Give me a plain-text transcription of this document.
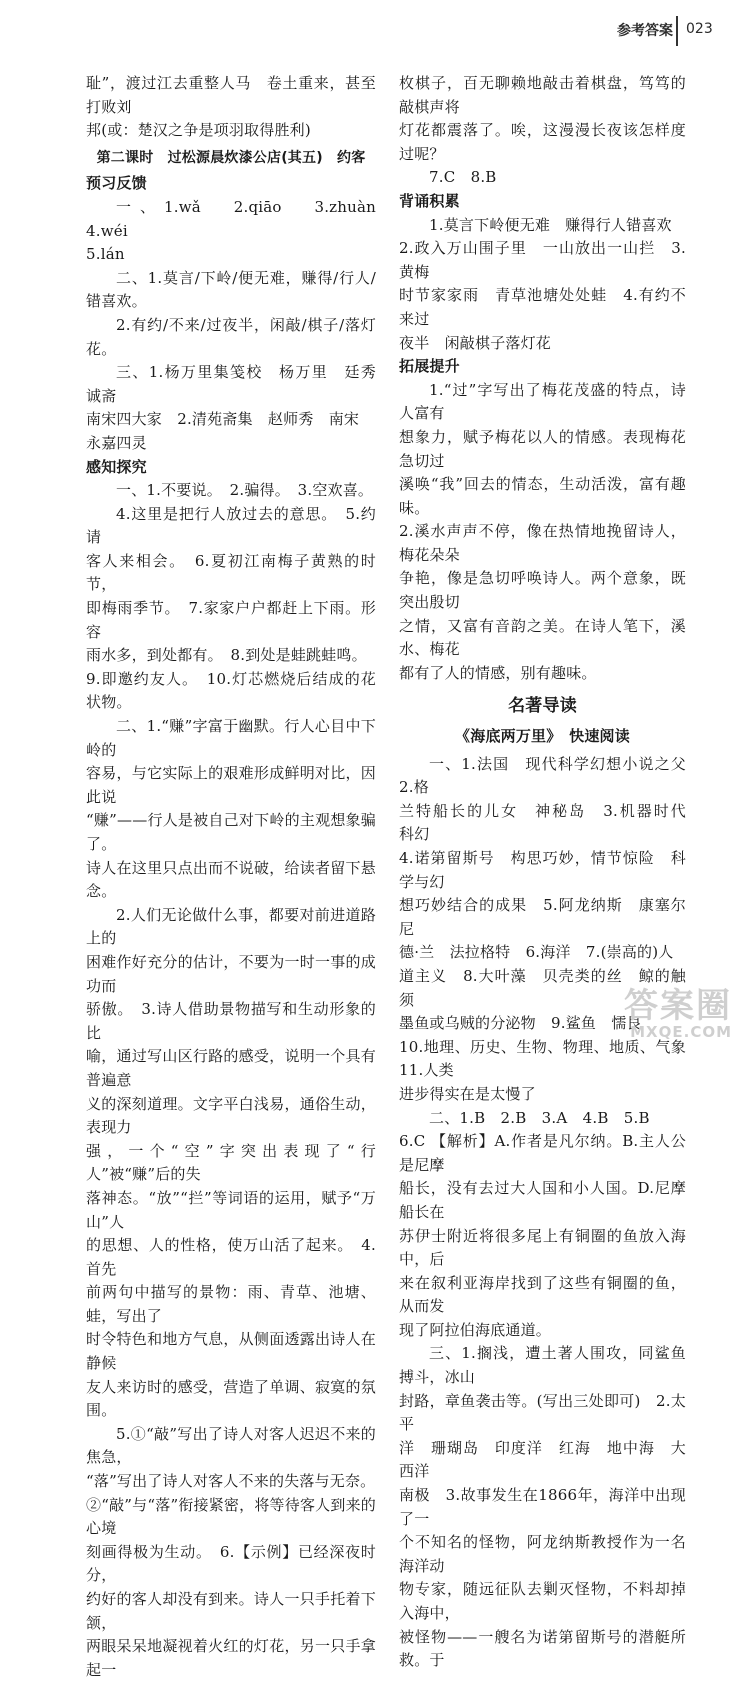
参考答案 023

耻”，渡过江去重整人马　卷土重来，甚至打败刘

邦(或：楚汉之争是项羽取得胜利)

第二课时　过松源晨炊漆公店(其五)　约客

预习反馈

一、1.wǎ　2.qiāo　3.zhuàn　4.wéi

5.lán

二、1.莫言/下岭/便无难，赚得/行人/错喜欢。

2.有约/不来/过夜半，闲敲/棋子/落灯花。

三、1.杨万里集笺校　杨万里　廷秀　诚斋

南宋四大家　2.清苑斋集　赵师秀　南宋

永嘉四灵

感知探究

一、1.不要说。　2.骗得。　3.空欢喜。

4.这里是把行人放过去的意思。　5.约请

客人来相会。　6.夏初江南梅子黄熟的时节，

即梅雨季节。　7.家家户户都赶上下雨。形容

雨水多，到处都有。　8.到处是蛙跳蛙鸣。

9.即邀约友人。　10.灯芯燃烧后结成的花状物。

二、1.“赚”字富于幽默。行人心目中下岭的

容易，与它实际上的艰难形成鲜明对比，因此说

“赚”——行人是被自己对下岭的主观想象骗了。

诗人在这里只点出而不说破，给读者留下悬念。

2.人们无论做什么事，都要对前进道路上的

困难作好充分的估计，不要为一时一事的成功而

骄傲。　3.诗人借助景物描写和生动形象的比

喻，通过写山区行路的感受，说明一个具有普遍意

义的深刻道理。文字平白浅易，通俗生动，表现力

强，一个“空”字突出表现了“行人”被“赚”后的失

落神态。“放”“拦”等词语的运用，赋予“万山”人

的思想、人的性格，使万山活了起来。　4.首先

前两句中描写的景物：雨、青草、池塘、蛙，写出了

时令特色和地方气息，从侧面透露出诗人在静候

友人来访时的感受，营造了单调、寂寞的氛围。

5.①“敲”写出了诗人对客人迟迟不来的焦急，

“落”写出了诗人对客人不来的失落与无奈。

②“敲”与“落”衔接紧密，将等待客人到来的心境

刻画得极为生动。　6.【示例】已经深夜时分，

约好的客人却没有到来。诗人一只手托着下颔，

两眼呆呆地凝视着火红的灯花，另一只手拿起一

枚棋子，百无聊赖地敲击着棋盘，笃笃的敲棋声将

灯花都震落了。唉，这漫漫长夜该怎样度过呢？

7.C　8.B

背诵积累

1.莫言下岭便无难　赚得行人错喜欢

2.政入万山围子里　一山放出一山拦　3.黄梅

时节家家雨　青草池塘处处蛙　4.有约不来过

夜半　闲敲棋子落灯花

拓展提升

1.“过”字写出了梅花茂盛的特点，诗人富有

想象力，赋予梅花以人的情感。表现梅花急切过

溪唤“我”回去的情态，生动活泼，富有趣味。

2.溪水声声不停，像在热情地挽留诗人，梅花朵朵

争艳，像是急切呼唤诗人。两个意象，既突出殷切

之情，又富有音韵之美。在诗人笔下，溪水、梅花

都有了人的情感，别有趣味。

名著导读

《海底两万里》　快速阅读

一、1.法国　现代科学幻想小说之父　2.格

兰特船长的儿女　神秘岛　3.机器时代　科幻

4.诺第留斯号　构思巧妙，情节惊险　科学与幻

想巧妙结合的成果　5.阿龙纳斯　康塞尔　尼

德·兰　法拉格特　6.海洋　7.(崇高的)人

道主义　8.大叶藻　贝壳类的丝　鲸的触须

墨鱼或乌贼的分泌物　9.鲨鱼　懦艮

10.地理、历史、生物、物理、地质、气象　11.人类

进步得实在是太慢了

二、1.B　2.B　3.A　4.B　5.B

6.C 【解析】A.作者是凡尔纳。B.主人公是尼摩

船长，没有去过大人国和小人国。D.尼摩船长在

苏伊士附近将很多尾上有铜圈的鱼放入海中，后

来在叙利亚海岸找到了这些有铜圈的鱼，从而发

现了阿拉伯海底通道。

三、1.搁浅，遭土著人围攻，同鲨鱼搏斗，冰山

封路，章鱼袭击等。(写出三处即可)　2.太平

洋　珊瑚岛　印度洋　红海　地中海　大西洋

南极　3.故事发生在1866年，海洋中出现了一

个不知名的怪物，阿龙纳斯教授作为一名海洋动

物专家，随远征队去剿灭怪物，不料却掉入海中，

被怪物——一艘名为诺第留斯号的潜艇所救。于

答案圈
MXQE.COM
